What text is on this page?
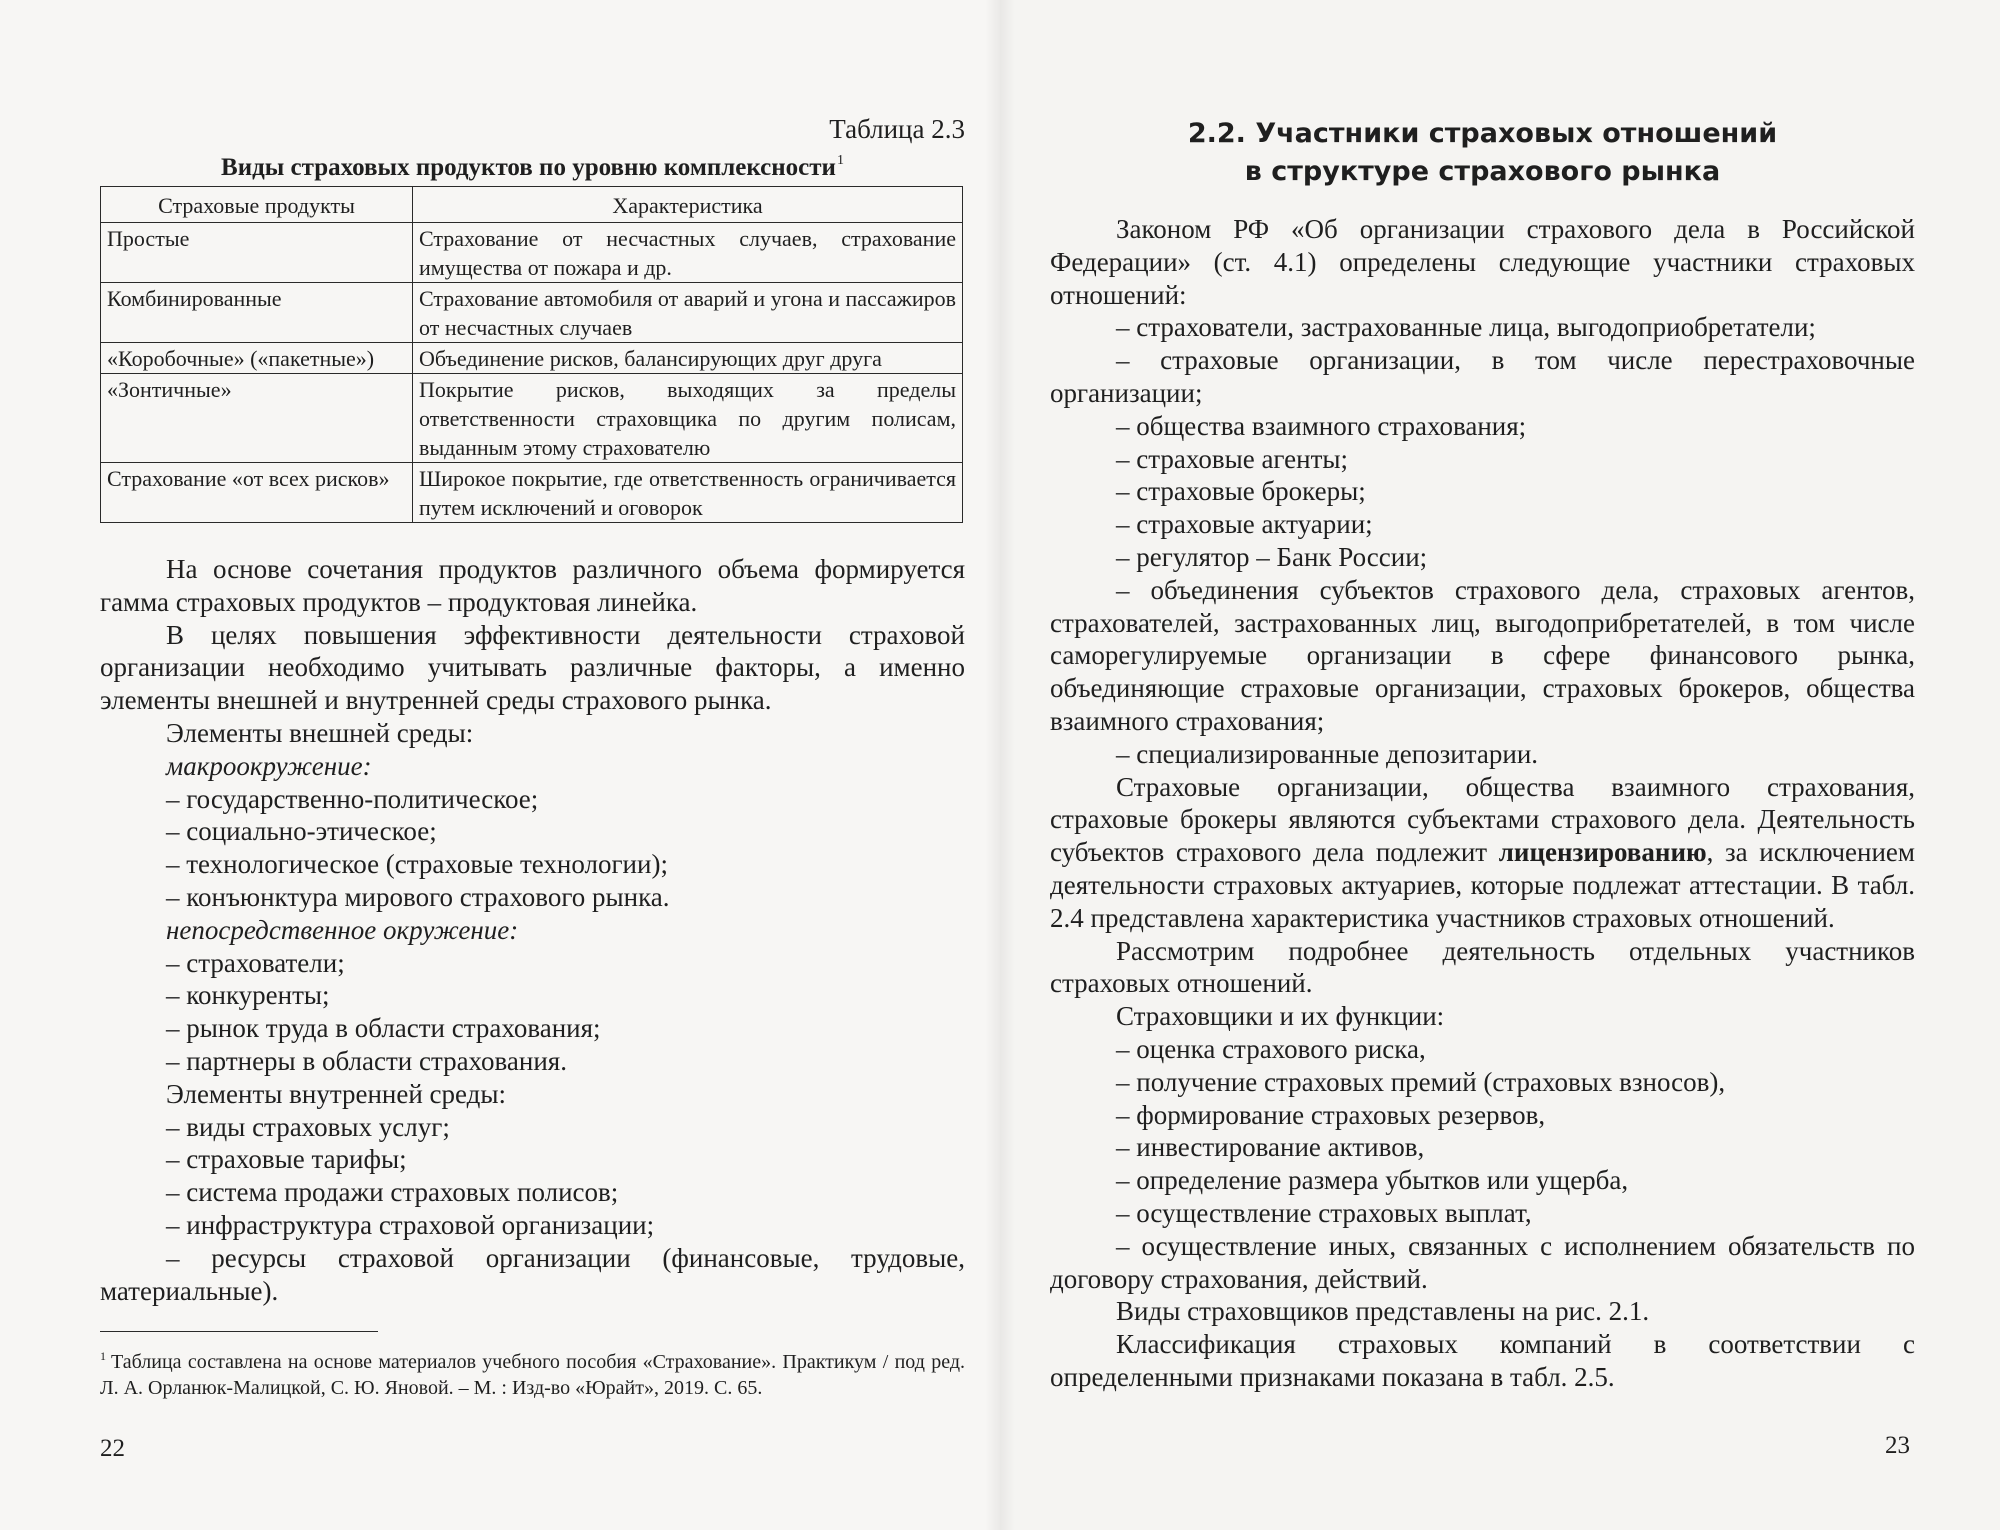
Таблица 2.3
Виды страховых продуктов по уровню комплексности$^1$
Страховые продукты	Характеристика
Простые	Страхование от несчастных случаев, страхование имущества от пожара и др.
Комбинированные	Страхование автомобиля от аварий и угона и пассажиров от несчастных случаев
«Коробочные» («пакетные»)	Объединение рисков, балансирующих друг друга
«Зонтичные»	Покрытие рисков, выходящих за пределы ответственности страховщика по другим полисам, выданным этому страхователю
Страхование «от всех рисков»	Широкое покрытие, где ответственность ограничивается путем исключений и оговорок

На основе сочетания продуктов различного объема формируется гамма страховых продуктов – продуктовая линейка.

В целях повышения эффективности деятельности страховой организации необходимо учитывать различные факторы, а именно элементы внешней и внутренней среды страхового рынка.

Элементы внешней среды:

макроокружение:

– государственно-политическое;

– социально-этическое;

– технологическое (страховые технологии);

– конъюнктура мирового страхового рынка.

непосредственное окружение:

– страхователи;

– конкуренты;

– рынок труда в области страхования;

– партнеры в области страхования.

Элементы внутренней среды:

– виды страховых услуг;

– страховые тарифы;

– система продажи страховых полисов;

– инфраструктура страховой организации;

– ресурсы страховой организации (финансовые, трудовые, материальные).

$^1$ Таблица составлена на основе материалов учебного пособия «Страхование». Практикум / под ред. Л. А. Орланюк-Малицкой, С. Ю. Яновой. – М. : Изд-во «Юрайт», 2019. С. 65.
22
2.2. Участники страховых отношений
в структуре страхового рынка

Законом РФ «Об организации страхового дела в Российской Федерации» (ст. 4.1) определены следующие участники страховых отношений:

– страхователи, застрахованные лица, выгодоприобретатели;

– страховые организации, в том числе перестраховочные организации;

– общества взаимного страхования;

– страховые агенты;

– страховые брокеры;

– страховые актуарии;

– регулятор – Банк России;

– объединения субъектов страхового дела, страховых агентов, страхователей, застрахованных лиц, выгодоприбретателей, в том числе саморегулируемые организации в сфере финансового рынка, объединяющие страховые организации, страховых брокеров, общества взаимного страхования;

– специализированные депозитарии.

Страховые организации, общества взаимного страхования, страховые брокеры являются субъектами страхового дела. Деятельность субъектов страхового дела подлежит лицензированию, за исключением деятельности страховых актуариев, которые подлежат аттестации. В табл. 2.4 представлена характеристика участников страховых отношений.

Рассмотрим подробнее деятельность отдельных участников страховых отношений.

Страховщики и их функции:

– оценка страхового риска,

– получение страховых премий (страховых взносов),

– формирование страховых резервов,

– инвестирование активов,

– определение размера убытков или ущерба,

– осуществление страховых выплат,

– осуществление иных, связанных с исполнением обязательств по договору страхования, действий.

Виды страховщиков представлены на рис. 2.1.

Классификация страховых компаний в соответствии с определенными признаками показана в табл. 2.5.

23
